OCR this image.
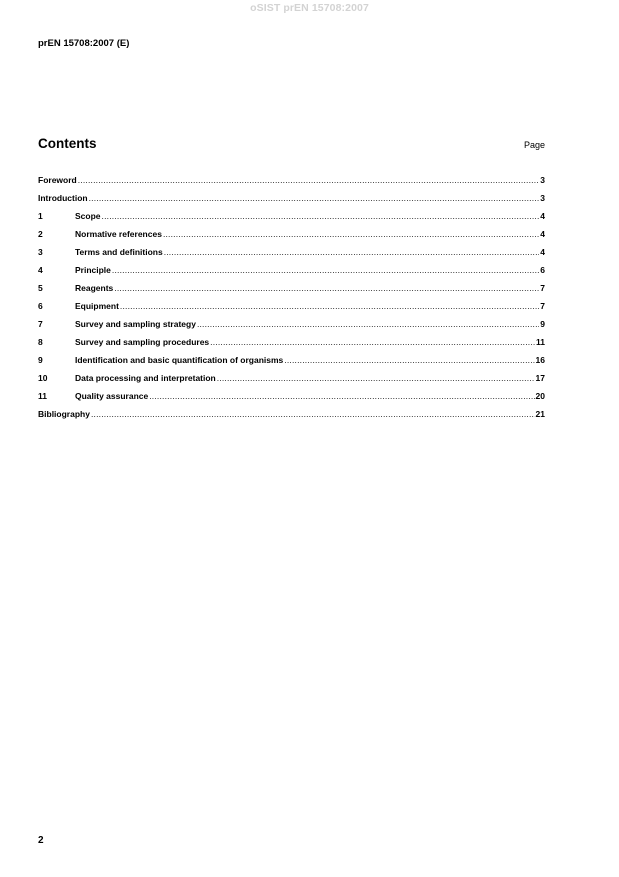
oSIST prEN 15708:2007
prEN 15708:2007 (E)
Contents	Page
Foreword .....	3
Introduction .....	3
1	Scope .....	4
2	Normative references .....	4
3	Terms and definitions .....	4
4	Principle .....	6
5	Reagents .....	7
6	Equipment .....	7
7	Survey and sampling strategy .....	9
8	Survey and sampling procedures .....	11
9	Identification and basic quantification of organisms .....	16
10	Data processing and interpretation .....	17
11	Quality assurance .....	20
Bibliography .....	21
2
